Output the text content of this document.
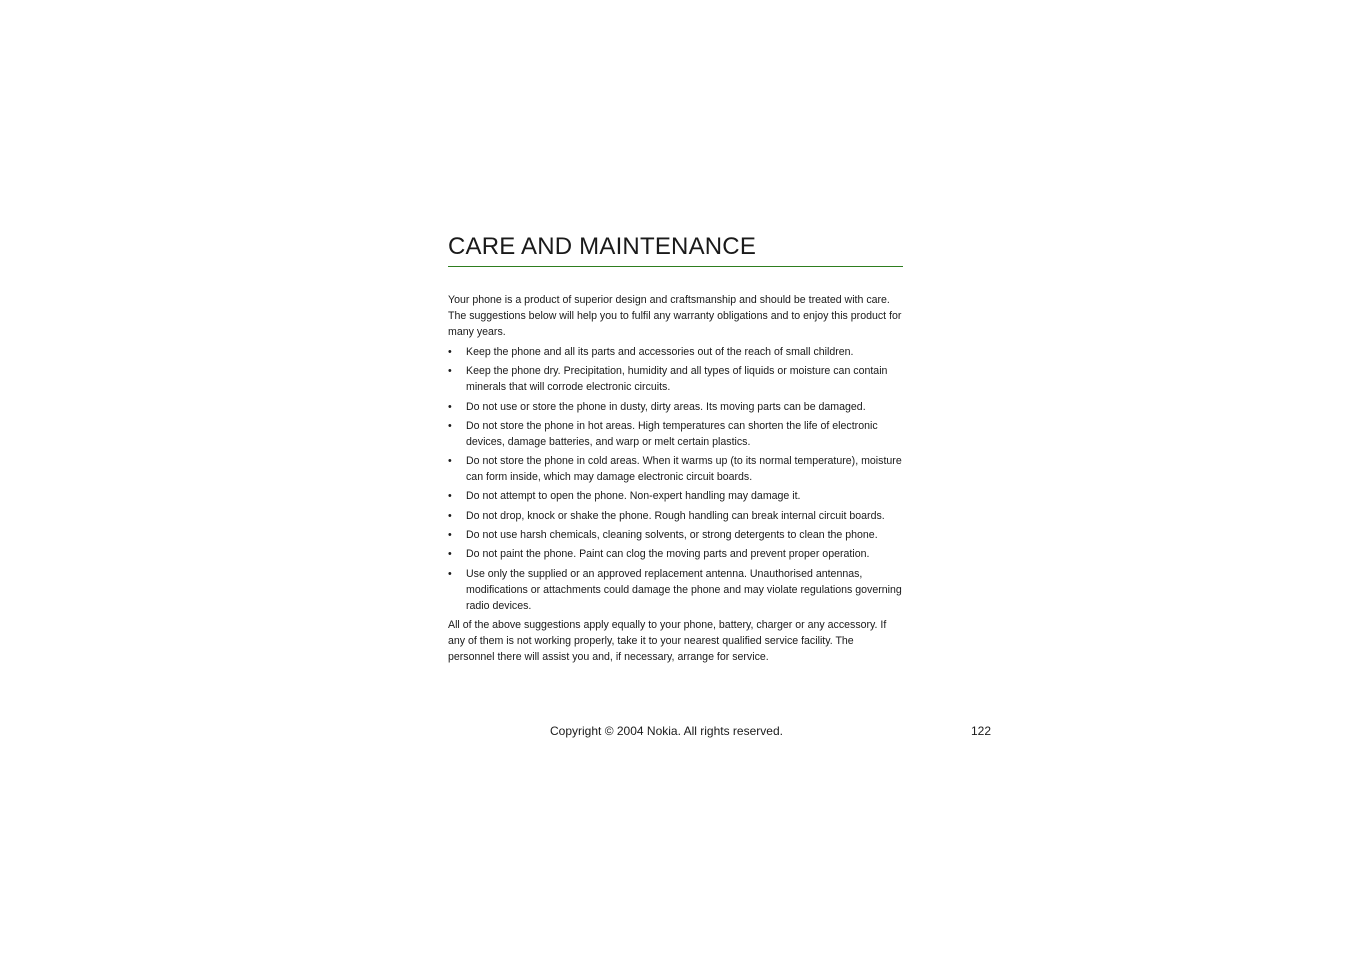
CARE AND MAINTENANCE

Your phone is a product of superior design and craftsmanship and should be treated with care. The suggestions below will help you to fulfil any warranty obligations and to enjoy this product for many years.

• Keep the phone and all its parts and accessories out of the reach of small children.
• Keep the phone dry. Precipitation, humidity and all types of liquids or moisture can contain minerals that will corrode electronic circuits.
• Do not use or store the phone in dusty, dirty areas. Its moving parts can be damaged.
• Do not store the phone in hot areas. High temperatures can shorten the life of electronic devices, damage batteries, and warp or melt certain plastics.
• Do not store the phone in cold areas. When it warms up (to its normal temperature), moisture can form inside, which may damage electronic circuit boards.
• Do not attempt to open the phone. Non-expert handling may damage it.
• Do not drop, knock or shake the phone. Rough handling can break internal circuit boards.
• Do not use harsh chemicals, cleaning solvents, or strong detergents to clean the phone.
• Do not paint the phone. Paint can clog the moving parts and prevent proper operation.
• Use only the supplied or an approved replacement antenna. Unauthorised antennas, modifications or attachments could damage the phone and may violate regulations governing radio devices.

All of the above suggestions apply equally to your phone, battery, charger or any accessory. If any of them is not working properly, take it to your nearest qualified service facility. The personnel there will assist you and, if necessary, arrange for service.

Copyright © 2004 Nokia. All rights reserved.	122
